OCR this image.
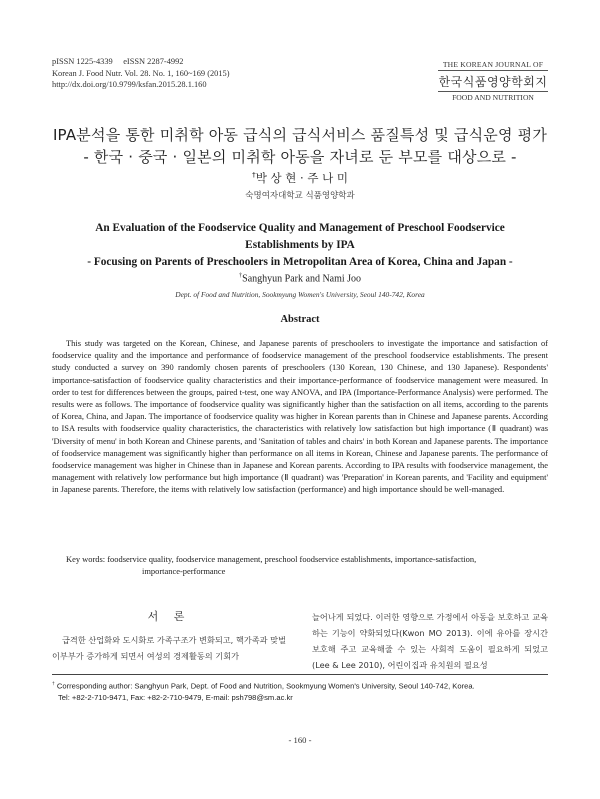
pISSN 1225-4339     eISSN 2287-4992
Korean J. Food Nutr. Vol. 28. No. 1, 160~169 (2015)
http://dx.doi.org/10.9799/ksfan.2015.28.1.160
THE KOREAN JOURNAL OF
한국식품영양학회지
FOOD AND NUTRITION
IPA분석을 통한 미취학 아동 급식의 급식서비스 품질특성 및 급식운영 평가
- 한국 · 중국 · 일본의 미취학 아동을 자녀로 둔 부모를 대상으로 -
†박 상 현 · 주 나 미
숙명여자대학교 식품영양학과
An Evaluation of the Foodservice Quality and Management of Preschool Foodservice
Establishments by IPA
- Focusing on Parents of Preschoolers in Metropolitan Area of Korea, China and Japan -
†Sanghyun Park and Nami Joo
Dept. of Food and Nutrition, Sookmyung Women's University, Seoul 140-742, Korea
Abstract

This study was targeted on the Korean, Chinese, and Japanese parents of preschoolers to investigate the importance and satisfaction of foodservice quality and the importance and performance of foodservice management of the preschool foodservice establishments. The present study conducted a survey on 390 randomly chosen parents of preschoolers (130 Korean, 130 Chinese, and 130 Japanese). Respondents' importance-satisfaction of foodservice quality characteristics and their importance-performance of foodservice management were measured. In order to test for differences between the groups, paired t-test, one way ANOVA, and IPA (Importance-Performance Analysis) were performed. The results were as follows. The importance of foodservice quality was significantly higher than the satisfaction on all items, according to the parents of Korea, China, and Japan. The importance of foodservice quality was higher in Korean parents than in Chinese and Japanese parents. According to ISA results with foodservice quality characteristics, the characteristics with relatively low satisfaction but high importance (Ⅱ quadrant) was 'Diversity of menu' in both Korean and Chinese parents, and 'Sanitation of tables and chairs' in both Korean and Japanese parents. The importance of foodservice management was significantly higher than performance on all items in Korean, Chinese and Japanese parents. The performance of foodservice management was higher in Chinese than in Japanese and Korean parents. According to IPA results with foodservice management, the management with relatively low performance but high importance (Ⅱ quadrant) was 'Preparation' in Korean parents, and 'Facility and equipment' in Japanese parents. Therefore, the items with relatively low satisfaction (performance) and high importance should be well-managed.

Key words: foodservice quality, foodservice management, preschool foodservice establishments, importance-satisfaction,
importance-performance
서 론

급격한 산업화와 도시화로 가족구조가 변화되고, 핵가족과 맞벌이부부가 증가하게 되면서 여성의 경제활동의 기회가

늘어나게 되었다. 이러한 영향으로 가정에서 아동을 보호하고 교육하는 기능이 약화되었다(Kwon MO 2013). 이에 유아를 장시간 보호해 주고 교육해줄 수 있는 사회적 도움이 필요하게 되었고(Lee & Lee 2010), 어린이집과 유치원의 필요성

† Corresponding author: Sanghyun Park, Dept. of Food and Nutrition, Sookmyung Women's University, Seoul 140-742, Korea.
Tel: +82-2-710-9471, Fax: +82-2-710-9479, E-mail: psh798@sm.ac.kr
- 160 -
